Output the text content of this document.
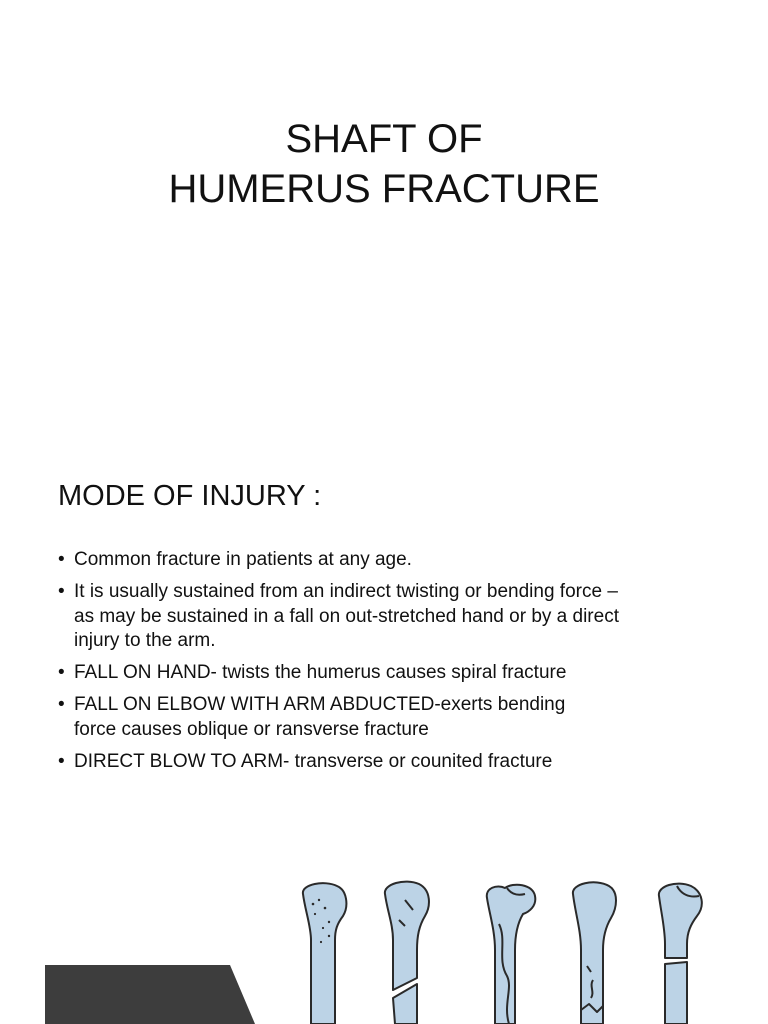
SHAFT OF
HUMERUS FRACTURE
MODE OF INJURY :
• Common fracture in patients at any age.
• It is usually sustained from an indirect twisting or bending force –
as may be sustained in a fall on out-stretched hand or by a direct
injury to the arm.
• FALL ON HAND- twists the humerus causes spiral fracture
• FALL ON ELBOW WITH ARM ABDUCTED-exerts bending
force causes oblique or ransverse fracture
• DIRECT BLOW TO ARM- transverse or counited fracture
